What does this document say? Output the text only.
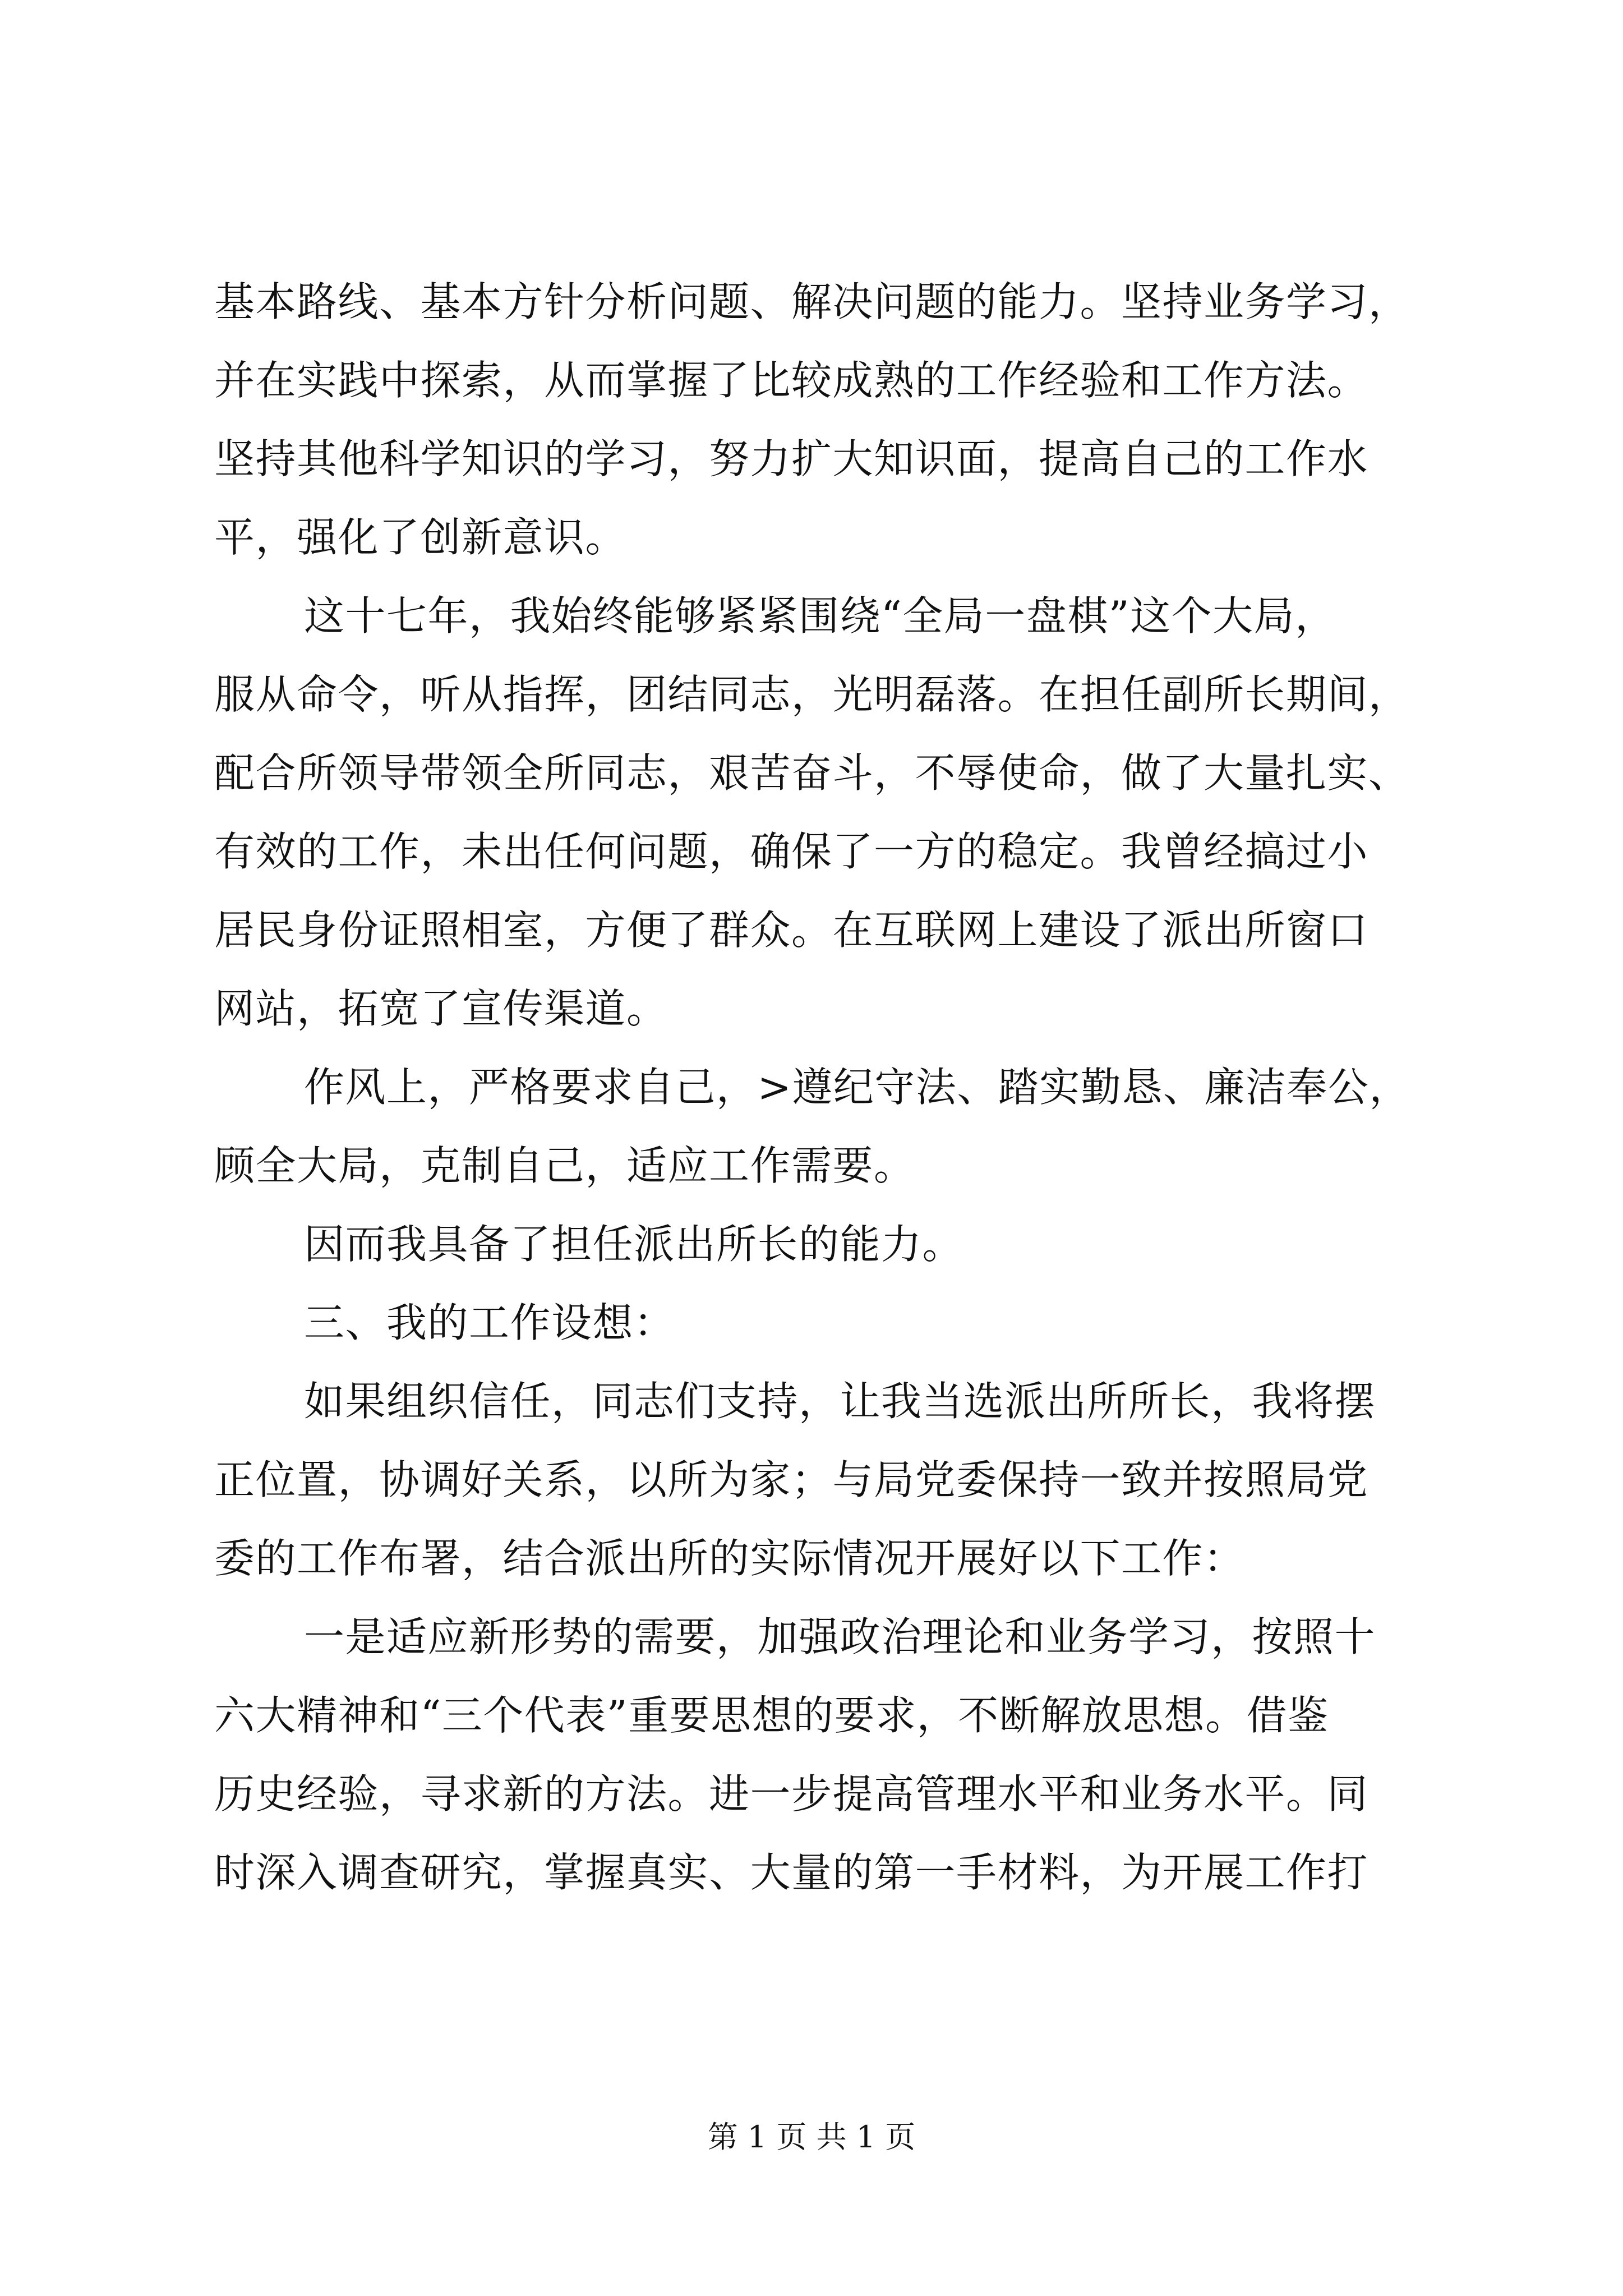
基本路线、基本方针分析问题、解决问题的能力。坚持业务学习，
并在实践中探索，从而掌握了比较成熟的工作经验和工作方法。
坚持其他科学知识的学习，努力扩大知识面，提高自己的工作水
平，强化了创新意识。
这十七年，我始终能够紧紧围绕“全局一盘棋”这个大局，
服从命令，听从指挥，团结同志，光明磊落。在担任副所长期间，
配合所领导带领全所同志，艰苦奋斗，不辱使命，做了大量扎实、
有效的工作，未出任何问题，确保了一方的稳定。我曾经搞过小
居民身份证照相室，方便了群众。在互联网上建设了派出所窗口
网站，拓宽了宣传渠道。
作风上，严格要求自己，>遵纪守法、踏实勤恳、廉洁奉公，
顾全大局，克制自己，适应工作需要。
因而我具备了担任派出所长的能力。
三、我的工作设想：
如果组织信任，同志们支持，让我当选派出所所长，我将摆
正位置，协调好关系，以所为家；与局党委保持一致并按照局党
委的工作布署，结合派出所的实际情况开展好以下工作：
一是适应新形势的需要，加强政治理论和业务学习，按照十
六大精神和“三个代表”重要思想的要求，不断解放思想。借鉴
历史经验，寻求新的方法。进一步提高管理水平和业务水平。同
时深入调查研究，掌握真实、大量的第一手材料，为开展工作打
第 1 页 共 1 页
